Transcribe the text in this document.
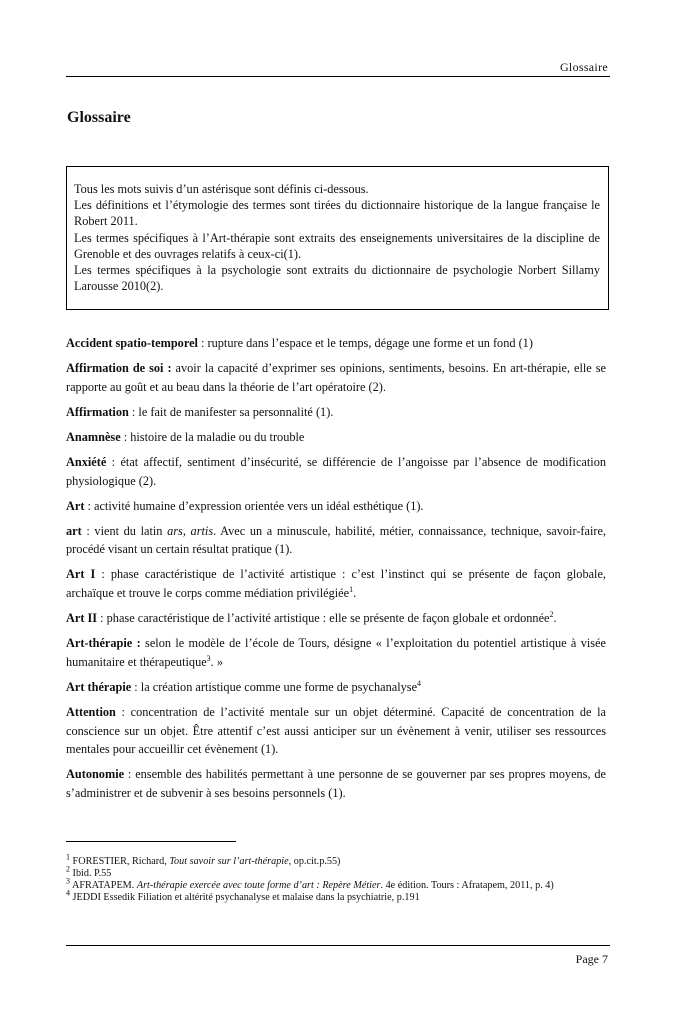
Glossaire
Glossaire

Tous les mots suivis d’un astérisque sont définis ci-dessous.

Les définitions et l’étymologie des termes sont tirées du dictionnaire historique de la langue française le Robert 2011.

Les termes spécifiques à l’Art-thérapie sont extraits des enseignements universitaires de la discipline de Grenoble et des ouvrages relatifs à ceux-ci(1).

Les termes spécifiques à la psychologie sont extraits du dictionnaire de psychologie Norbert Sillamy Larousse 2010(2).

Accident spatio-temporel : rupture dans l’espace et le temps, dégage une forme et un fond (1)

Affirmation de soi : avoir la capacité d’exprimer ses opinions, sentiments, besoins. En art-thérapie, elle se rapporte au goût et au beau dans la théorie de l’art opératoire (2).

Affirmation : le fait de manifester sa personnalité (1).

Anamnèse : histoire de la maladie ou du trouble

Anxiété : état affectif, sentiment d’insécurité, se différencie de l’angoisse par l’absence de modification physiologique (2).

Art : activité humaine d’expression orientée vers un idéal esthétique (1).

art : vient du latin ars, artis. Avec un a minuscule, habilité, métier, connaissance, technique, savoir-faire, procédé visant un certain résultat pratique (1).

Art I : phase caractéristique de l’activité artistique : c’est l’instinct qui se présente de façon globale, archaïque et trouve le corps comme médiation privilégiée$^1$.

Art II : phase caractéristique de l’activité artistique : elle se présente de façon globale et ordonnée$^2$.

Art-thérapie : selon le modèle de l’école de Tours, désigne « l’exploitation du potentiel artistique à visée humanitaire et thérapeutique$^3$. »

Art thérapie : la création artistique comme une forme de psychanalyse$^4$

Attention : concentration de l’activité mentale sur un objet déterminé. Capacité de concentration de la conscience sur un objet. Être attentif c’est aussi anticiper sur un évènement à venir, utiliser ses ressources mentales pour accueillir cet évènement (1).

Autonomie : ensemble des habilités permettant à une personne de se gouverner par ses propres moyens, de s’administrer et de subvenir à ses besoins personnels (1).

$^1$ FORESTIER, Richard, Tout savoir sur l’art-thérapie, op.cit.p.55)

$^2$ Ibid. P.55

$^3$ AFRATAPEM. Art-thérapie exercée avec toute forme d’art : Repère Métier. 4e édition. Tours : Afratapem, 2011, p. 4)

$^4$ JEDDI Essedik Filiation et altérité psychanalyse et malaise dans la psychiatrie, p.191

Page 7
